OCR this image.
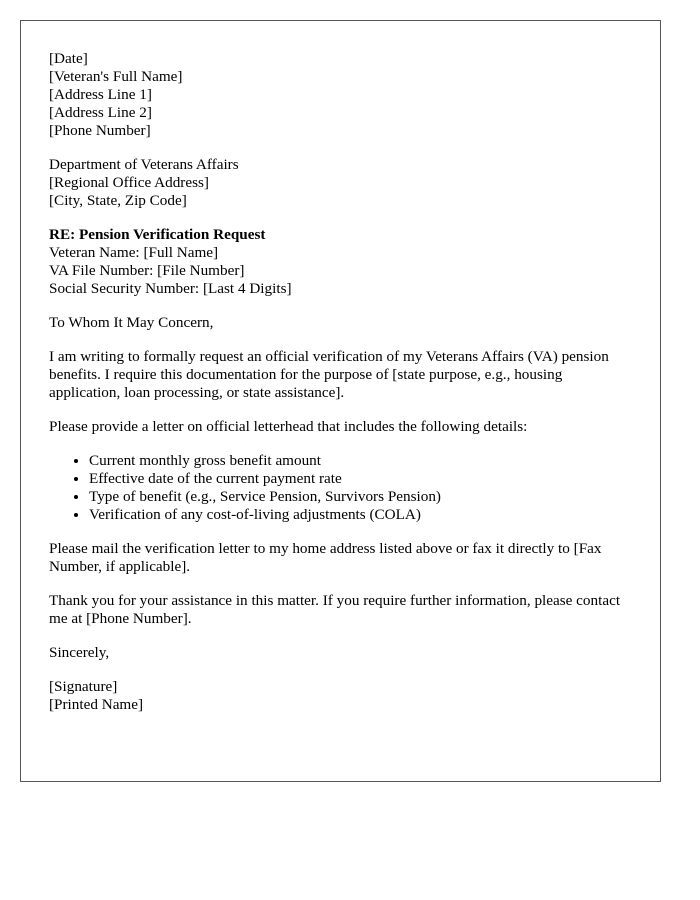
[Date]
[Veteran's Full Name]
[Address Line 1]
[Address Line 2]
[Phone Number]
Department of Veterans Affairs
[Regional Office Address]
[City, State, Zip Code]
RE: Pension Verification Request
Veteran Name: [Full Name]
VA File Number: [File Number]
Social Security Number: [Last 4 Digits]

To Whom It May Concern,

I am writing to formally request an official verification of my Veterans Affairs (VA) pension benefits. I require this documentation for the purpose of [state purpose, e.g., housing application, loan processing, or state assistance].

Please provide a letter on official letterhead that includes the following details:

• Current monthly gross benefit amount
• Effective date of the current payment rate
• Type of benefit (e.g., Service Pension, Survivors Pension)
• Verification of any cost-of-living adjustments (COLA)

Please mail the verification letter to my home address listed above or fax it directly to [Fax Number, if applicable].

Thank you for your assistance in this matter. If you require further information, please contact me at [Phone Number].

Sincerely,

[Signature]
[Printed Name]
